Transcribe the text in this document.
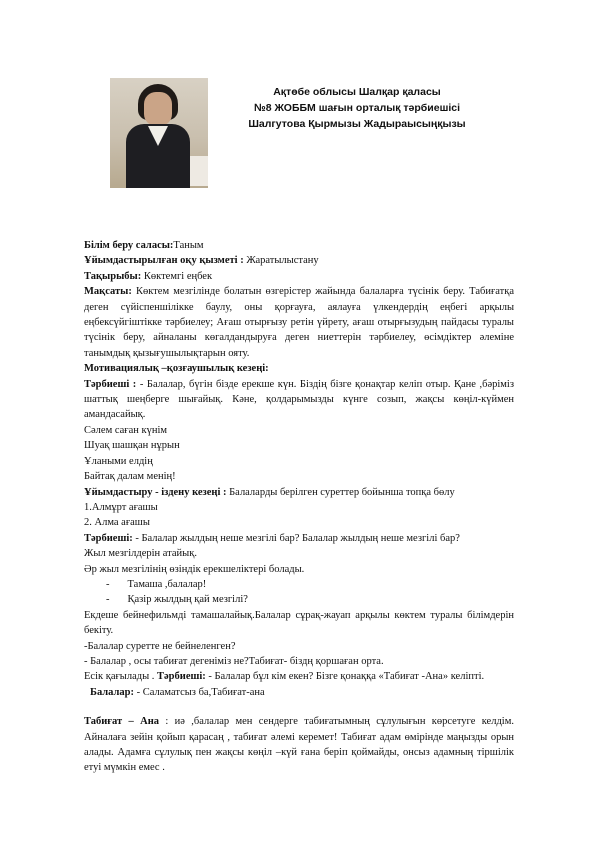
Ақтөбе облысы Шалқар қаласы
№8 ЖОББМ шағын орталық тәрбиешісі
Шалгутова Қырмызы Жадыраысыңқызы

Білім беру саласы:Таным

Ұйымдастырылған оқу қызметі : Жаратылыстану

Тақырыбы: Көктемгі еңбек

Мақсаты: Көктем мезгілінде болатын өзгерістер жайында балаларға түсінік беру. Табиғатқа деген сүйіспеншілікке баулу, оны қорғауға, аялауға үлкендердің еңбегі арқылы еңбексүйгіштікке тәрбиелеу; Ағаш отырғызу ретін үйрету, ағаш отырғызудың пайдасы туралы түсінік беру, айналаны көгалдандыруға деген ниеттерін тәрбиелеу, өсімдіктер әлеміне танымдық қызығушылықтарын ояту.

Мотивациялық –қозғаушылық кезеңі:

Тәрбиеші : - Балалар, бүгін бізде ерекше күн. Біздің бізге қонақтар келіп отыр. Қане ,бәріміз шаттық шеңберге шығайық. Кәне, қолдарымызды күнге созып, жақсы көңіл-күймен амандасайық.

Сәлем саған күнім

Шуақ шашқан нұрын

Ұлаными елдің

Байтақ далам менің!

Ұйымдастыру - іздену кезеңі : Балаларды берілген суреттер бойынша топқа бөлу

1.Алмұрт ағашы

2. Алма ағашы

Тәрбиеші: - Балалар жылдың неше мезгілі бар? Балалар жылдың неше мезгілі бар?

Жыл мезгілдерін атайық.

Әр жыл мезгілінің өзіндік ерекшеліктері болады.

- Тамаша ,балалар!

- Қазір жылдың қай мезгілі?

Екдеше бейнефильмді тамашалайық.Балалар сұрақ-жауап арқылы көктем туралы білімдерін бекіту.

-Балалар суретте не бейнеленген?

- Балалар , осы табиғат дегеніміз не?Табиғат- біздң қоршаған орта.

Есік қағылады . Тәрбиеші: - Балалар бұл кім екен? Бізге қонаққа «Табиғат -Ана» келіпті.

Балалар: - Саламатсыз ба,Табиғат-ана

Табиғат – Ана : иә ,балалар мен сендерге табиғатымның сұлулығын көрсетуге келдім. Айналаға зейін қойып қарасаң , табиғат әлемі керемет! Табиғат адам өмірінде маңызды орын алады. Адамға сұлулық пен жақсы көңіл –күй ғана беріп қоймайды, онсыз адамның тіршілік етуі мүмкін емес .
